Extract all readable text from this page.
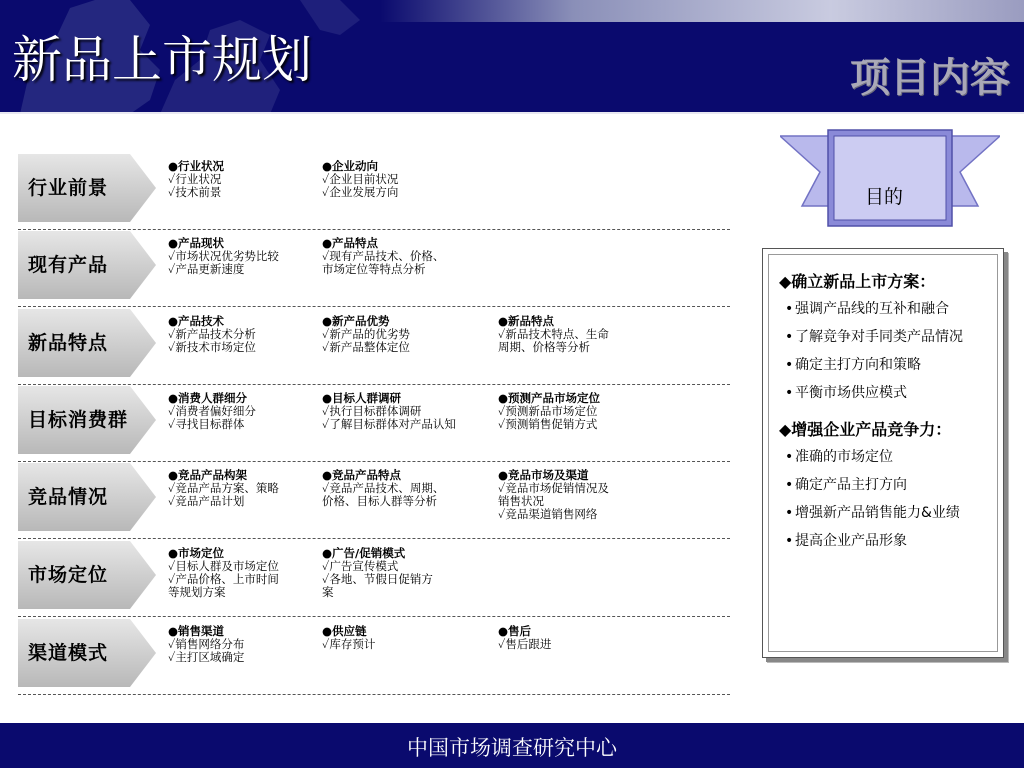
新品上市规划	项目内容
行业前景
●行业状况
✓行业状况
✓技术前景
●企业动向
✓企业目前状况
✓企业发展方向
现有产品
●产品现状
✓市场状况优劣势比较
✓产品更新速度
●产品特点
✓现有产品技术、价格、
市场定位等特点分析
新品特点
●产品技术
✓新产品技术分析
✓新技术市场定位
●新产品优势
✓新产品的优劣势
✓新产品整体定位
●新品特点
✓新品技术特点、生命
周期、价格等分析
目标消费群
●消费人群细分
✓消费者偏好细分
✓寻找目标群体
●目标人群调研
✓执行目标群体调研
✓了解目标群体对产品认知
●预测产品市场定位
✓预测新品市场定位
✓预测销售促销方式
竞品情况
●竞品产品构架
✓竞品产品方案、策略
✓竞品产品计划
●竞品产品特点
✓竞品产品技术、周期、
价格、目标人群等分析
●竞品市场及渠道
✓竞品市场促销情况及
销售状况
✓竞品渠道销售网络
市场定位
●市场定位
✓目标人群及市场定位
✓产品价格、上市时间
等规划方案
●广告/促销模式
✓广告宣传模式
✓各地、节假日促销方
案
渠道模式
●销售渠道
✓销售网络分布
✓主打区域确定
●供应链
✓库存预计
●售后
✓售后跟进
目的
◆确立新品上市方案：
• 强调产品线的互补和融合
• 了解竞争对手同类产品情况
• 确定主打方向和策略
• 平衡市场供应模式
◆增强企业产品竞争力：
• 准确的市场定位
• 确定产品主打方向
• 增强新产品销售能力&业绩
• 提高企业产品形象
中国市场调查研究中心
